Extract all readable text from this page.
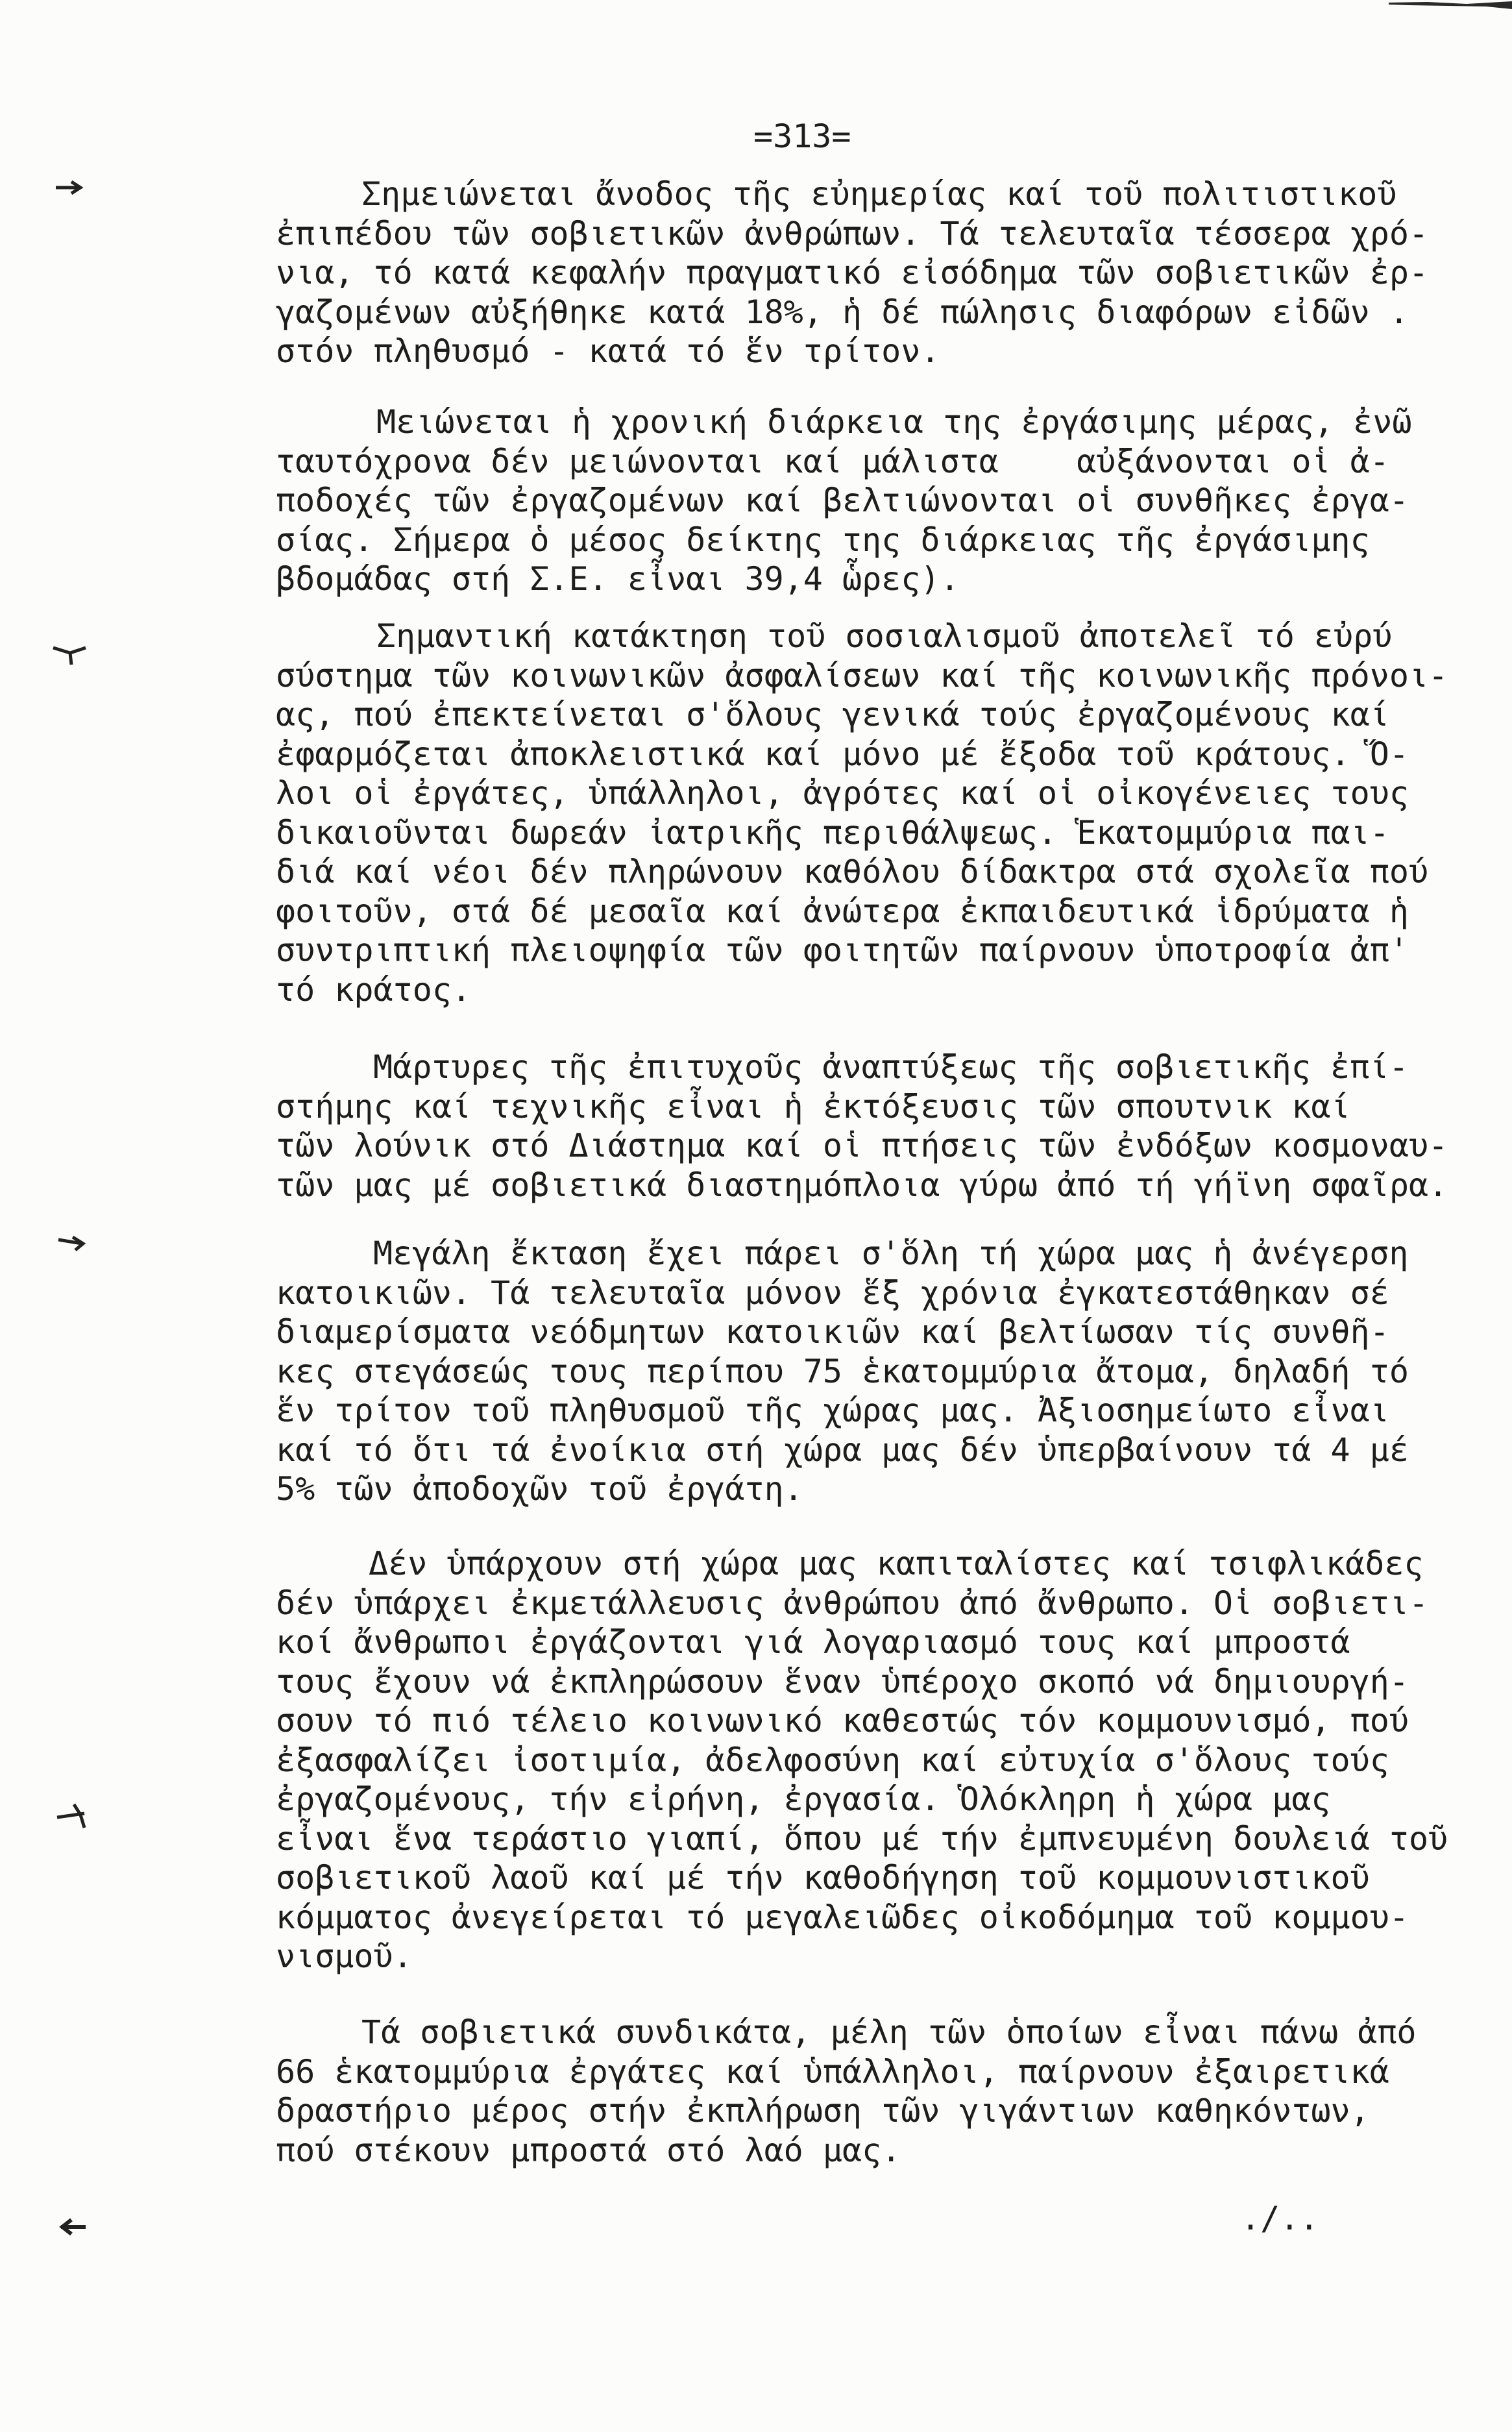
=313=
Σημειώνεται ἄνοδος τῆς εὐημερίας καί τοῦ πολιτιστικοῦ
ἐπιπέδου τῶν σοβιετικῶν ἀνθρώπων. Τά τελευταῖα τέσσερα χρό-
νια, τό κατά κεφαλήν πραγματικό εἰσόδημα τῶν σοβιετικῶν ἐρ-
γαζομένων αὐξήθηκε κατά 18%, ἡ δέ πώλησις διαφόρων εἰδῶν .
στόν πληθυσμό - κατά τό ἕν τρίτον.
Μειώνεται ἡ χρονική διάρκεια της ἐργάσιμης μέρας, ἐνῶ
ταυτόχρονα δέν μειώνονται καί μάλιστα    αὐξάνονται οἱ ἀ-
ποδοχές τῶν ἐργαζομένων καί βελτιώνονται οἱ συνθῆκες ἐργα-
σίας. Σήμερα ὁ μέσος δείκτης της διάρκειας τῆς ἐργάσιμης
βδομάδας στή Σ.Ε. εἶναι 39,4 ὧρες).
Σημαντική κατάκτηση τοῦ σοσιαλισμοῦ ἀποτελεῖ τό εὐρύ
σύστημα τῶν κοινωνικῶν ἀσφαλίσεων καί τῆς κοινωνικῆς πρόνοι-
ας, πού ἐπεκτείνεται σ'ὅλους γενικά τούς ἐργαζομένους καί
ἐφαρμόζεται ἀποκλειστικά καί μόνο μέ ἔξοδα τοῦ κράτους. Ὅ-
λοι οἱ ἐργάτες, ὑπάλληλοι, ἀγρότες καί οἱ οἰκογένειες τους
δικαιοῦνται δωρεάν ἰατρικῆς περιθάλψεως. Ἑκατομμύρια παι-
διά καί νέοι δέν πληρώνουν καθόλου δίδακτρα στά σχολεῖα πού
φοιτοῦν, στά δέ μεσαῖα καί ἀνώτερα ἐκπαιδευτικά ἱδρύματα ἡ
συντριπτική πλειοψηφία τῶν φοιτητῶν παίρνουν ὑποτροφία ἀπ'
τό κράτος.
Μάρτυρες τῆς ἐπιτυχοῦς ἀναπτύξεως τῆς σοβιετικῆς ἐπί-
στήμης καί τεχνικῆς εἶναι ἡ ἐκτόξευσις τῶν σπουτνικ καί
τῶν λούνικ στό Διάστημα καί οἱ πτήσεις τῶν ἐνδόξων κοσμοναυ-
τῶν μας μέ σοβιετικά διαστημόπλοια γύρω ἀπό τή γήϊνη σφαῖρα.
Μεγάλη ἔκταση ἔχει πάρει σ'ὅλη τή χώρα μας ἡ ἀνέγερση
κατοικιῶν. Τά τελευταῖα μόνον ἕξ χρόνια ἐγκατεστάθηκαν σέ
διαμερίσματα νεόδμητων κατοικιῶν καί βελτίωσαν τίς συνθῆ-
κες στεγάσεώς τους περίπου 75 ἑκατομμύρια ἄτομα, δηλαδή τό
ἕν τρίτον τοῦ πληθυσμοῦ τῆς χώρας μας. Ἀξιοσημείωτο εἶναι
καί τό ὅτι τά ἐνοίκια στή χώρα μας δέν ὑπερβαίνουν τά 4 μέ
5% τῶν ἀποδοχῶν τοῦ ἐργάτη.
Δέν ὑπάρχουν στή χώρα μας καπιταλίστες καί τσιφλικάδες
δέν ὑπάρχει ἐκμετάλλευσις ἀνθρώπου ἀπό ἄνθρωπο. Οἱ σοβιετι-
κοί ἄνθρωποι ἐργάζονται γιά λογαριασμό τους καί μπροστά
τους ἔχουν νά ἐκπληρώσουν ἕναν ὑπέροχο σκοπό νά δημιουργή-
σουν τό πιό τέλειο κοινωνικό καθεστώς τόν κομμουνισμό, πού
ἐξασφαλίζει ἰσοτιμία, ἀδελφοσύνη καί εὐτυχία σ'ὅλους τούς
ἐργαζομένους, τήν εἰρήνη, ἐργασία. Ὁλόκληρη ἡ χώρα μας
εἶναι ἕνα τεράστιο γιαπί, ὅπου μέ τήν ἐμπνευμένη δουλειά τοῦ
σοβιετικοῦ λαοῦ καί μέ τήν καθοδήγηση τοῦ κομμουνιστικοῦ
κόμματος ἀνεγείρεται τό μεγαλειῶδες οἰκοδόμημα τοῦ κομμου-
νισμοῦ.
Τά σοβιετικά συνδικάτα, μέλη τῶν ὁποίων εἶναι πάνω ἀπό
66 ἑκατομμύρια ἐργάτες καί ὑπάλληλοι, παίρνουν ἐξαιρετικά
δραστήριο μέρος στήν ἐκπλήρωση τῶν γιγάντιων καθηκόντων,
πού στέκουν μπροστά στό λαό μας.
./..
